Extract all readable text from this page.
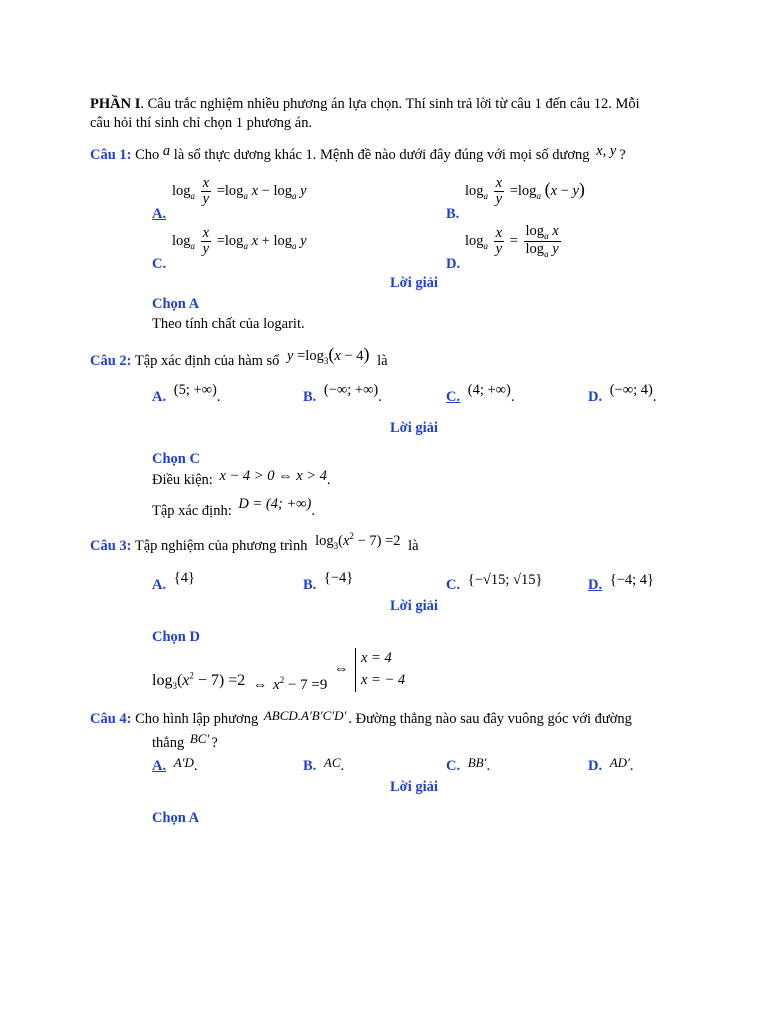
PHẦN I. Câu trắc nghiệm nhiều phương án lựa chọn. Thí sinh trả lời từ câu 1 đến câu 12. Mỗi
câu hỏi thí sinh chỉ chọn 1 phương án.
Câu 1: Cho a là số thực dương khác 1. Mệnh đề nào dưới đây đúng với mọi số dương x, y ?
A.
$\log_a \frac{x}{y} =\log_a$ $x - \log_a y$
B.
$\log_a \frac{x}{y} =\log_a$ (x − y)
C.
$\log_a \frac{x}{y} =\log_a$ $x + \log_a y$
D.
$\log_a \frac{x}{y} = \frac{\log_a x}{\log_a y}$
Lời giải
Chọn A
Theo tính chất của logarit.
Câu 2: Tập xác định của hàm số $y =\log_3(x - 4)$ là
A. (5; +∞).	B. (−∞; +∞).	C. (4; +∞).	D. (−∞; 4).
Lời giải
Chọn C
Điều kiện: x − 4 > 0 ⇔ x > 4.
Tập xác định: D = (4; +∞).
Câu 3: Tập nghiệm của phương trình $\log_3(x^2 - 7) =2$ là
A. {4}	B. {−4}	C. {−√15; √15}	D. {−4; 4}
Lời giải
Chọn D
$\log_3(x^2 - 7) =2$ ⇔ $x^2 - 7 =9$
⇔
x = 4
x = − 4
Câu 4: Cho hình lập phương ABCD.A′B′C′D′ . Đường thẳng nào sau đây vuông góc với đường
thẳng BC′ ?
A. A′D.	B. AC.	C. BB′.	D. AD′.
Lời giải
Chọn A
